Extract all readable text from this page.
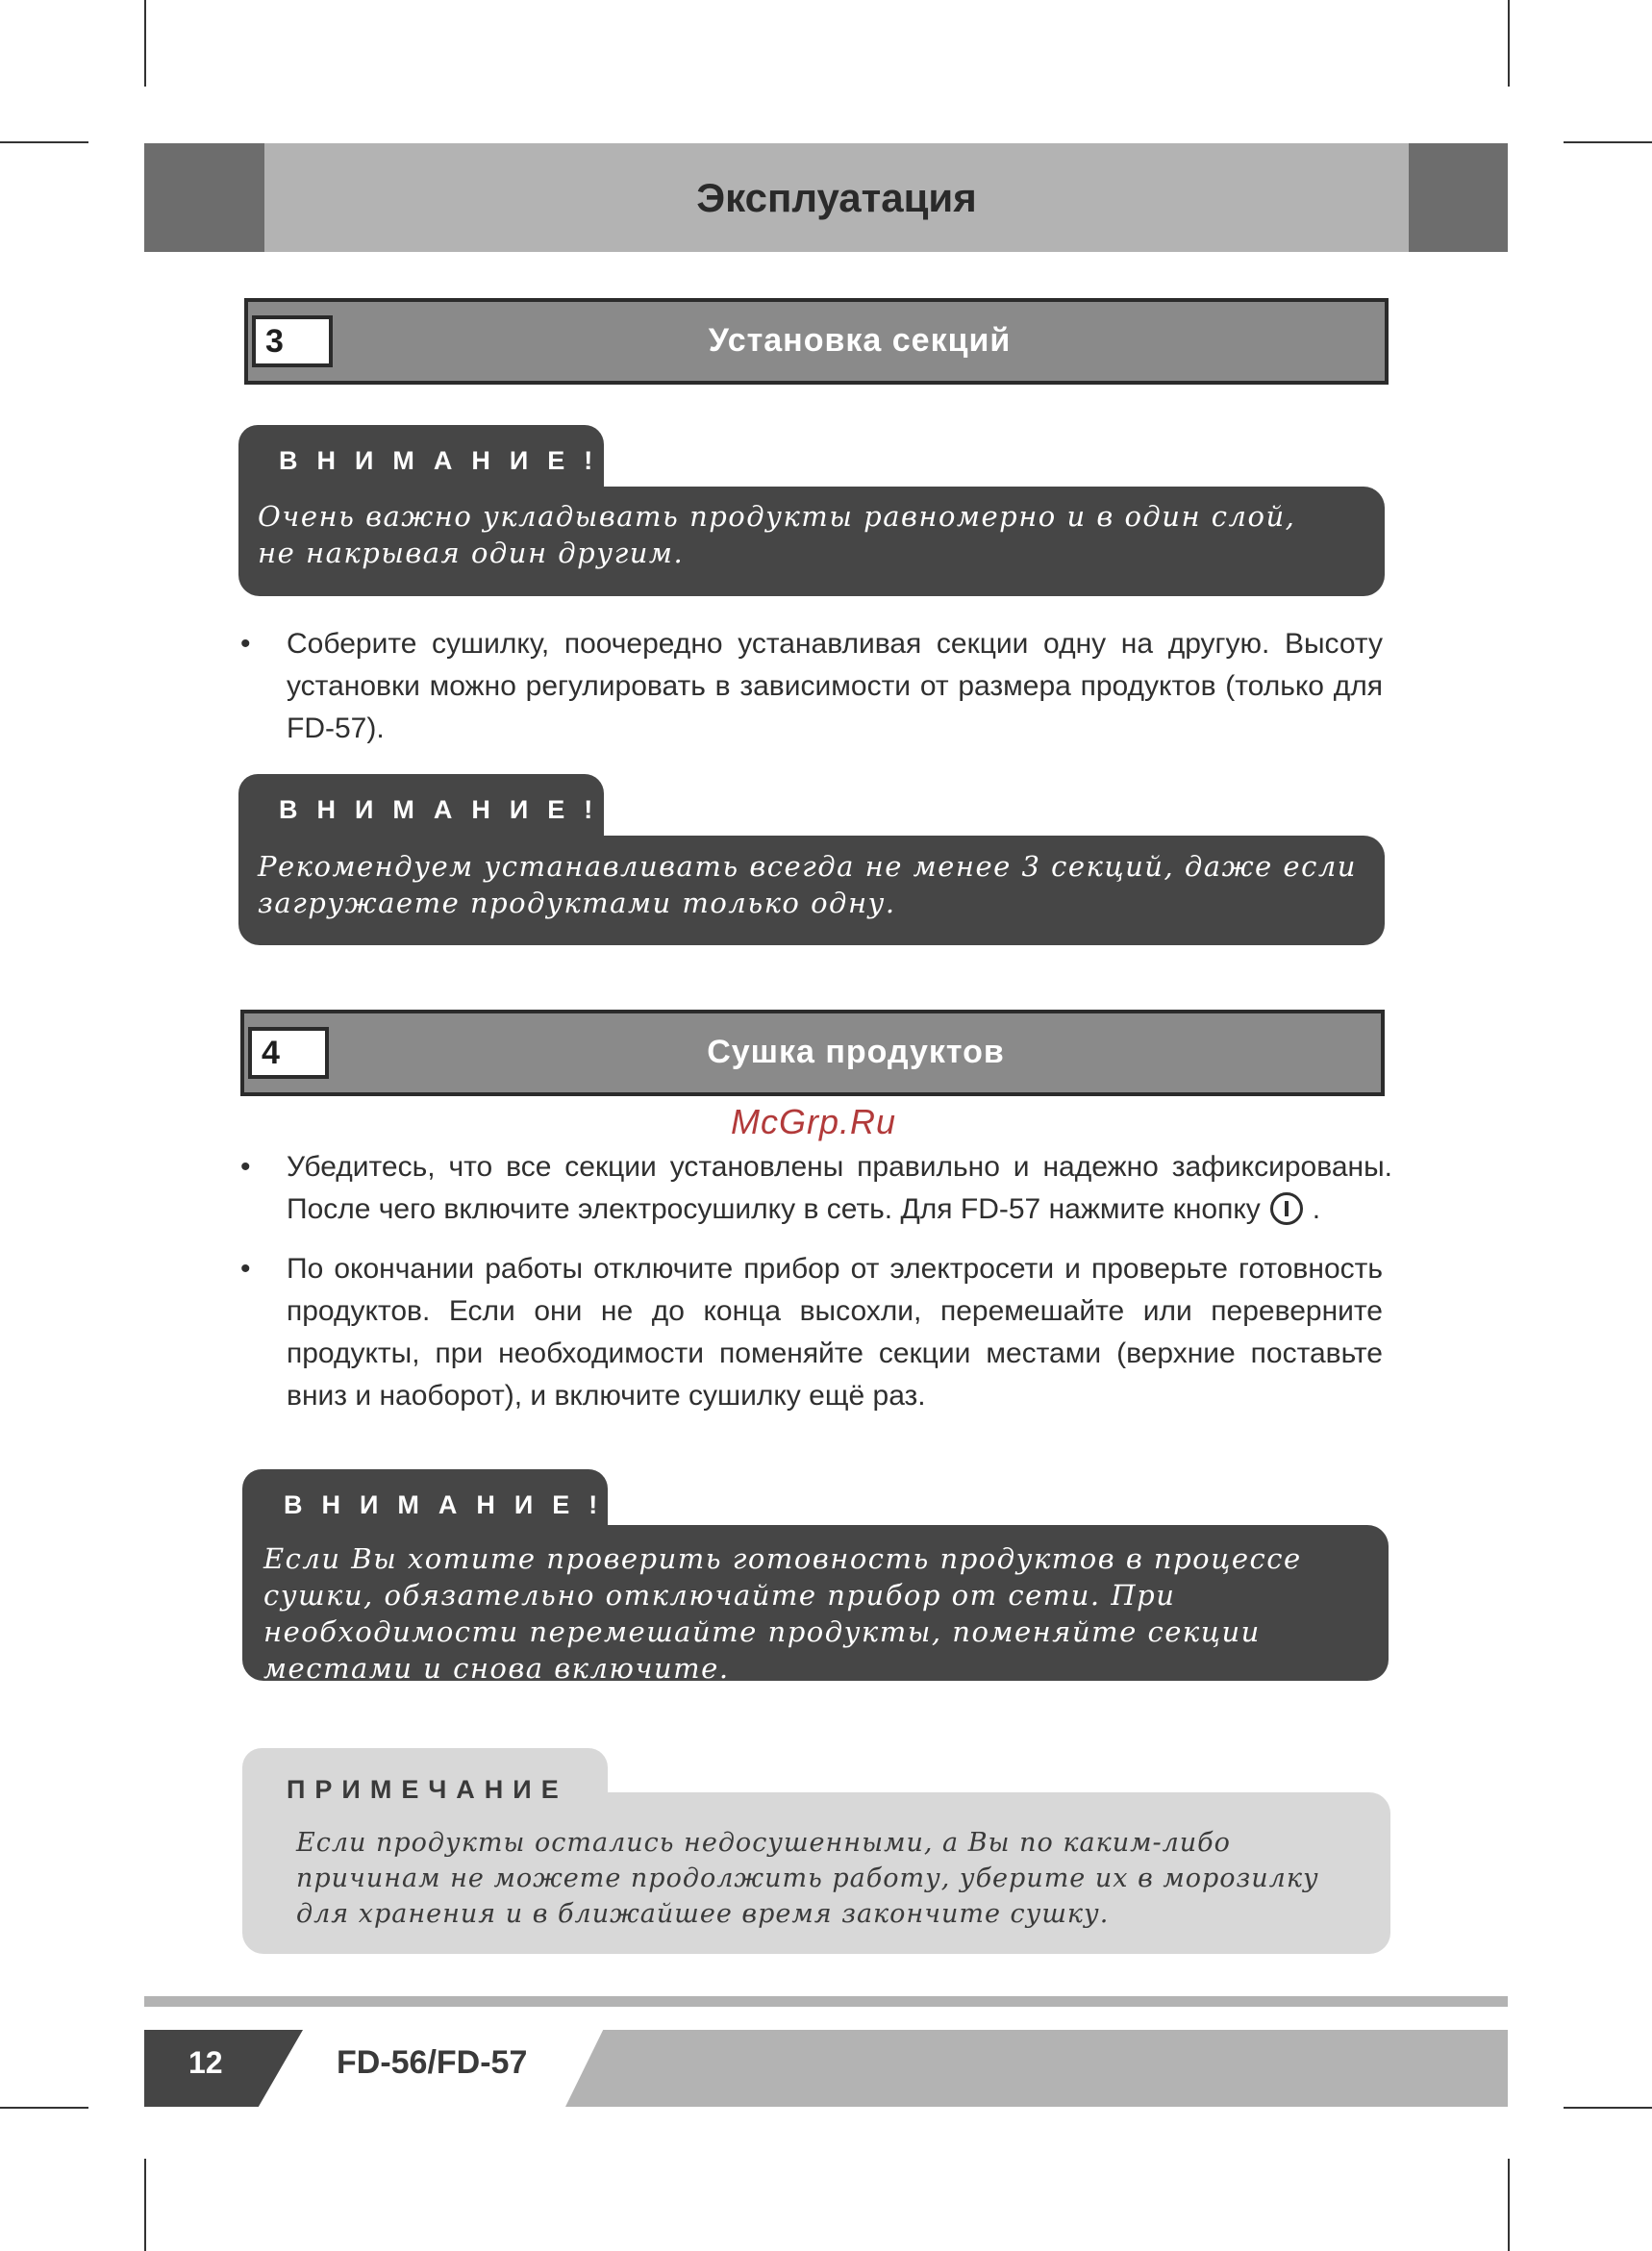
Эксплуатация
3	Установка секций
ВНИМАНИЕ!
Очень важно укладывать продукты равномерно и в один слой, не накрывая один другим.
• Соберите сушилку, поочередно устанавливая секции одну на другую. Высоту установки можно регулировать в зависимости от размера продуктов (только для FD-57).
ВНИМАНИЕ!
Рекомендуем устанавливать всегда не менее 3 секций, даже если загружаете продуктами только одну.
4	Сушка продуктов
McGrp.Ru
• Убедитесь, что все секции установлены правильно и надежно зафиксированы. После чего включите электросушилку в сеть. Для FD-57 нажмите кнопку .
• По окончании работы отключите прибор от электросети и проверьте готовность продуктов. Если они не до конца высохли, перемешайте или переверните продукты, при необходимости поменяйте секции местами (верхние поставьте вниз и наоборот), и включите сушилку ещё раз.
ВНИМАНИЕ!
Если Вы хотите проверить готовность продуктов в процессе сушки, обязательно отключайте прибор от сети. При необходимости перемешайте продукты, поменяйте секции местами и снова включите.
ПРИМЕЧАНИЕ
Если продукты остались недосушенными, а Вы по каким-либо причинам не можете продолжить работу, уберите их в морозилку для хранения и в ближайшее время закончите сушку.
12	FD-56/FD-57
